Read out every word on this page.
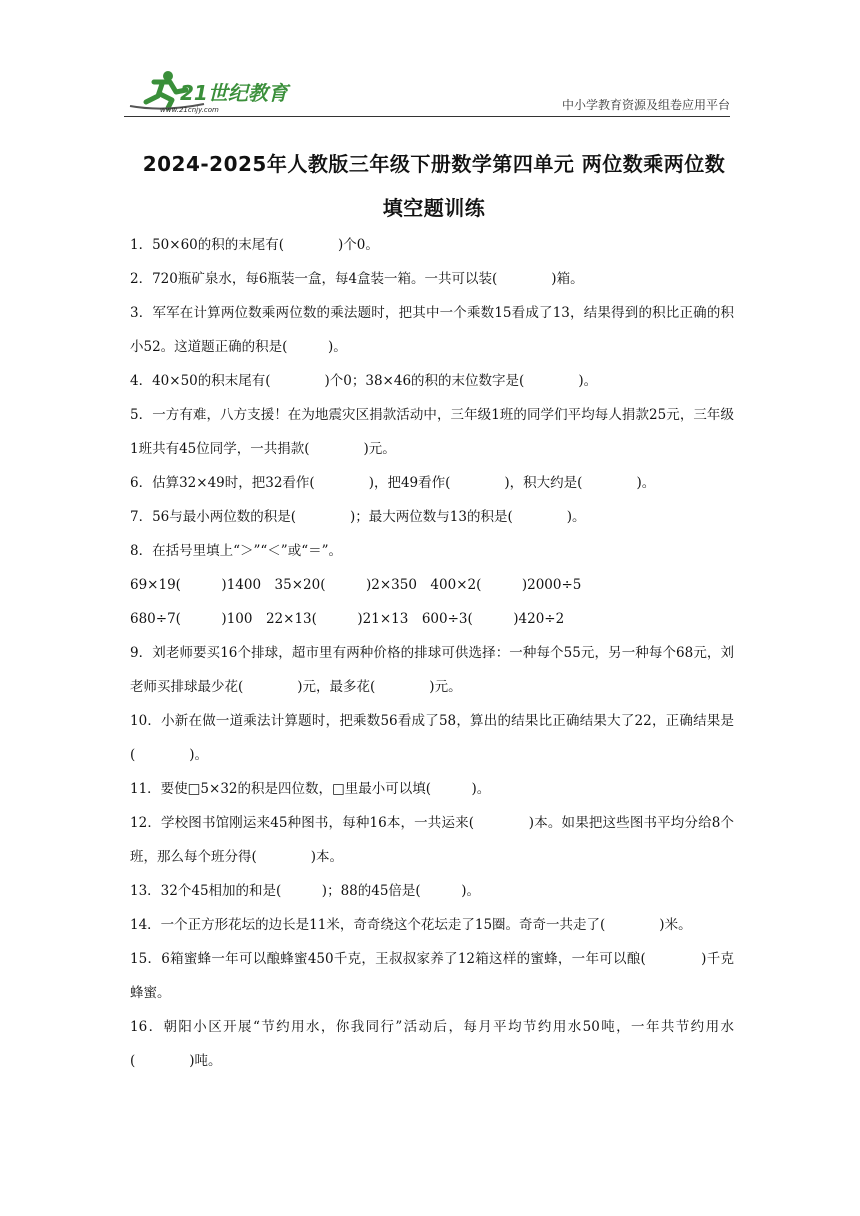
21世纪教育
www.21cnjy.com	中小学教育资源及组卷应用平台
2024-2025年人教版三年级下册数学第四单元 两位数乘两位数
填空题训练

1．50×60的积的末尾有(　　　　)个0。

2．720瓶矿泉水，每6瓶装一盒，每4盒装一箱。一共可以装(　　　　)箱。

3．军军在计算两位数乘两位数的乘法题时，把其中一个乘数15看成了13，结果得到的积比正确的积小52。这道题正确的积是(　　　)。

4．40×50的积末尾有(　　　　)个0；38×46的积的末位数字是(　　　　)。

5．一方有难，八方支援！在为地震灾区捐款活动中，三年级1班的同学们平均每人捐款25元，三年级1班共有45位同学，一共捐款(　　　　)元。

6．估算32×49时，把32看作(　　　　)，把49看作(　　　　)，积大约是(　　　　)。

7．56与最小两位数的积是(　　　　)；最大两位数与13的积是(　　　　)。

8．在括号里填上“＞”“＜”或“＝”。

69×19(　　　)1400　35×20(　　　)2×350　400×2(　　　)2000÷5

680÷7(　　　)100　22×13(　　　)21×13　600÷3(　　　)420÷2

9．刘老师要买16个排球，超市里有两种价格的排球可供选择：一种每个55元，另一种每个68元，刘老师买排球最少花(　　　　)元，最多花(　　　　)元。

10．小新在做一道乘法计算题时，把乘数56看成了58，算出的结果比正确结果大了22，正确结果是(　　　　)。

11．要使□5×32的积是四位数，□里最小可以填(　　　)。

12．学校图书馆刚运来45种图书，每种16本，一共运来(　　　　)本。如果把这些图书平均分给8个班，那么每个班分得(　　　　)本。

13．32个45相加的和是(　　　)；88的45倍是(　　　)。

14．一个正方形花坛的边长是11米，奇奇绕这个花坛走了15圈。奇奇一共走了(　　　　)米。

15．6箱蜜蜂一年可以酿蜂蜜450千克，王叔叔家养了12箱这样的蜜蜂，一年可以酿(　　　　)千克蜂蜜。

16．朝阳小区开展“节约用水，你我同行”活动后，每月平均节约用水50吨，一年共节约用水(　　　　)吨。
